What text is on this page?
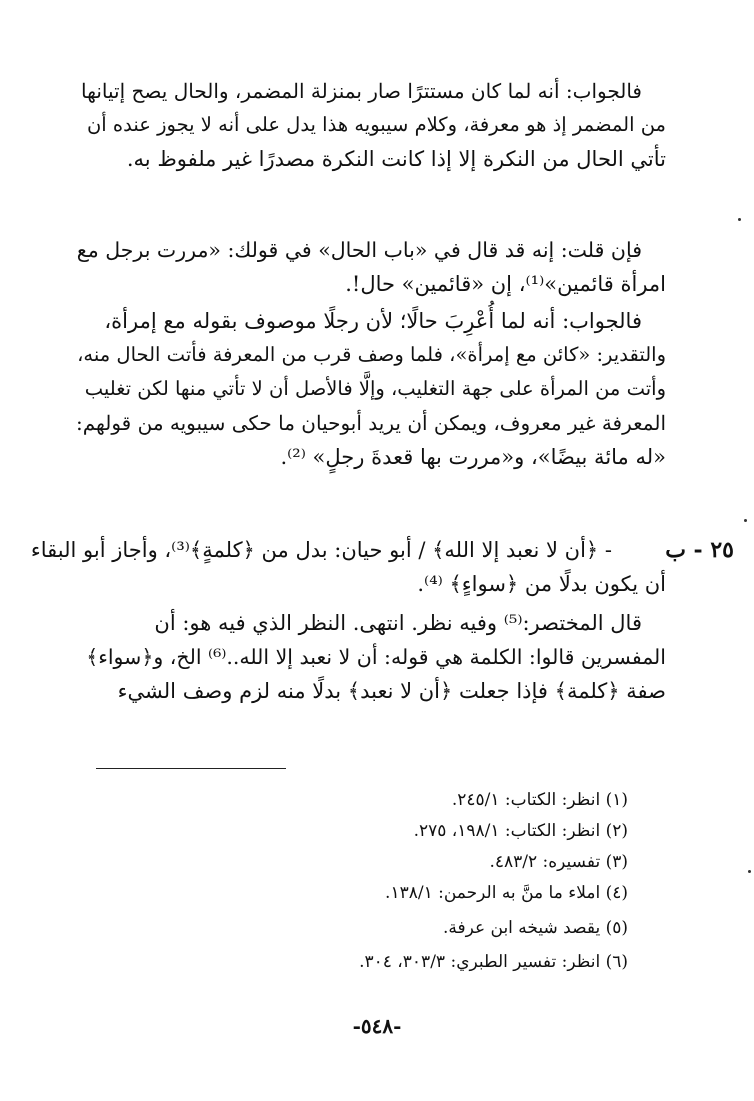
فالجواب: أنه لما كان مستترًا صار بمنزلة المضمر، والحال يصح إتيانها
من المضمر إذ هو معرفة، وكلام سيبويه هذا يدل على أنه لا يجوز عنده أن
تأتي الحال من النكرة إلا إذا كانت النكرة مصدرًا غير ملفوظ به.
فإن قلت: إنه قد قال في «باب الحال» في قولك: «مررت برجل مع
امرأة قائمين»⁽¹⁾، إن «قائمين» حال!.
فالجواب: أنه لما أُعْرِبَ حالًا؛ لأن رجلًا موصوف بقوله مع إمرأة،
والتقدير: «كائن مع إمرأة»، فلما وصف قرب من المعرفة فأتت الحال منه،
وأتت من المرأة على جهة التغليب، وإلَّا فالأصل أن لا تأتي منها لكن تغليب
المعرفة غير معروف، ويمكن أن يريد أبوحيان ما حكى سيبويه من قولهم:
«له مائة بيضًا»، و«مررت بها قعدةَ رجلٍ» ⁽²⁾.
- ﴿أن لا نعبد إلا الله﴾ / أبو حيان: بدل من ﴿كلمةٍ﴾⁽³⁾، وأجاز أبو البقاء ٢٥ - ب
أن يكون بدلًا من ﴿سواءٍ﴾ ⁽⁴⁾.
قال المختصر:⁽⁵⁾ وفيه نظر. انتهى. النظر الذي فيه هو: أن
المفسرين قالوا: الكلمة هي قوله: أن لا نعبد إلا الله..⁽⁶⁾ الخ، و﴿سواء﴾
صفة ﴿كلمة﴾ فإذا جعلت ﴿أن لا نعبد﴾ بدلًا منه لزم وصف الشيء
(١) انظر: الكتاب: ٢٤٥/١.
(٢) انظر: الكتاب: ١٩٨/١، ٢٧٥.
(٣) تفسيره: ٤٨٣/٢.
(٤) املاء ما منَّ به الرحمن: ١٣٨/١.
(٥) يقصد شيخه ابن عرفة.
(٦) انظر: تفسير الطبري: ٣٠٣/٣، ٣٠٤.
-٥٤٨-
